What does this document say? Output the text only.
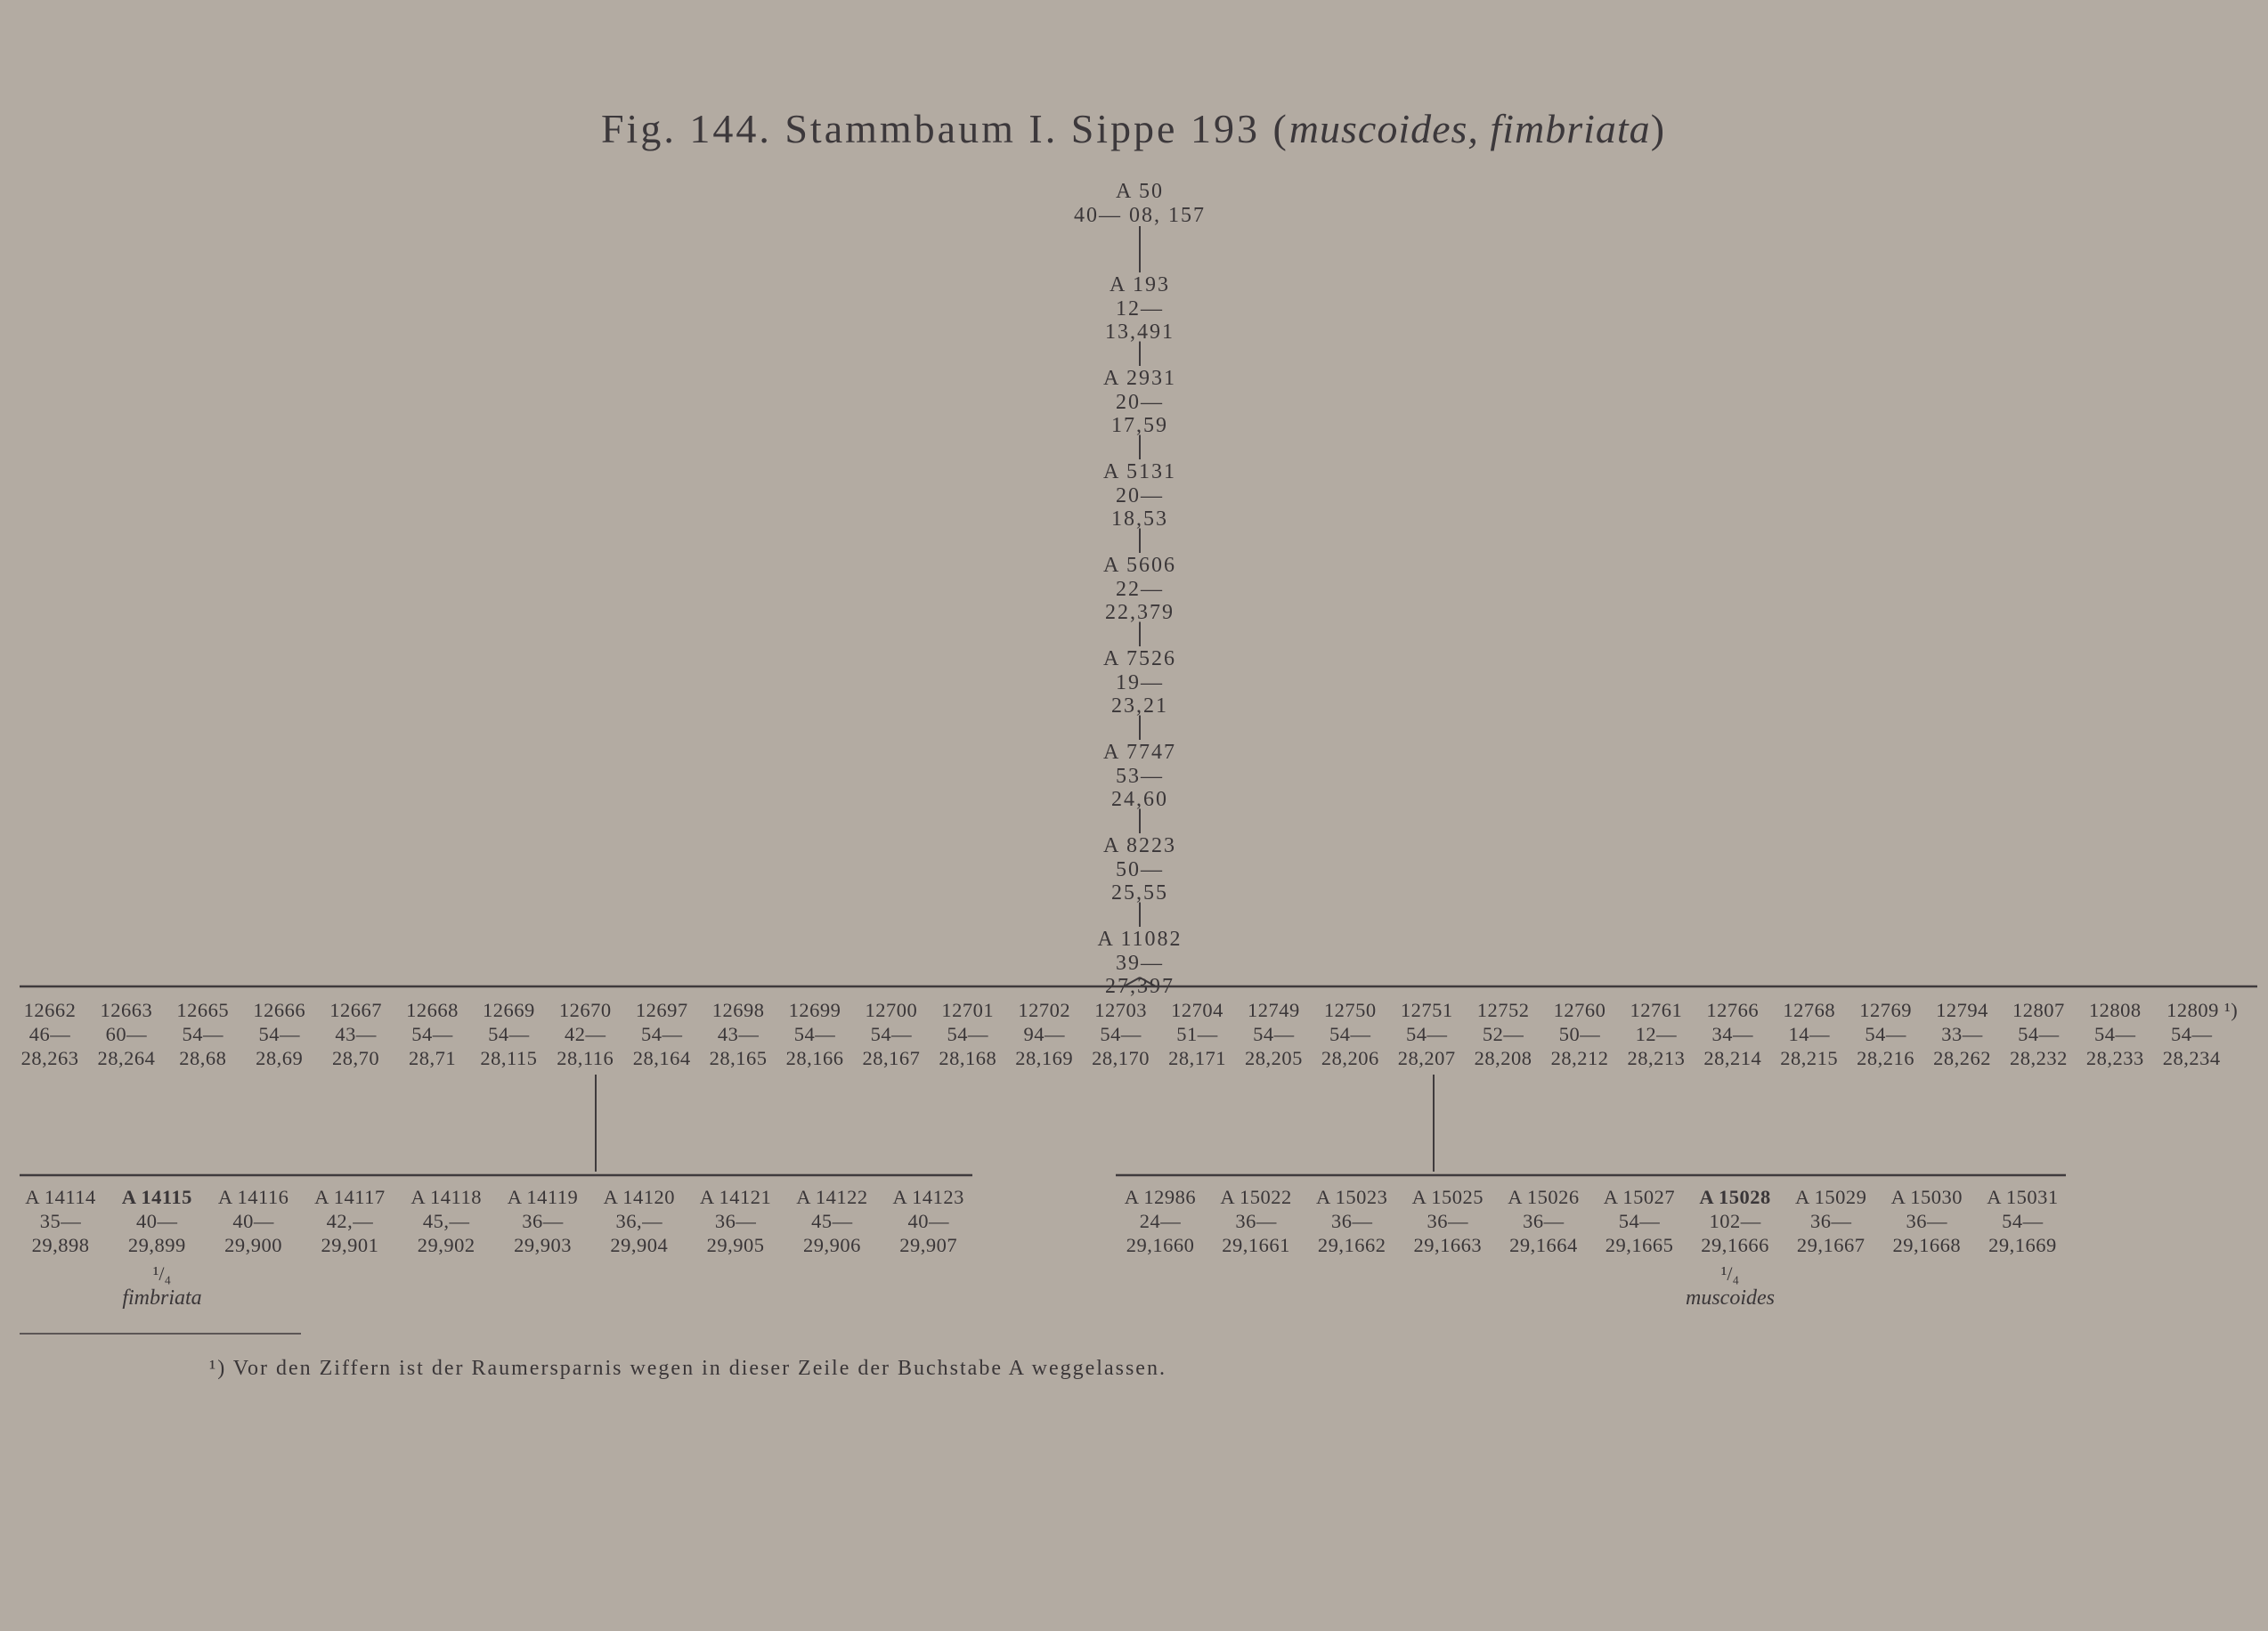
Fig. 144. Stammbaum I. Sippe 193 (muscoides, fimbriata)
A 50
40— 08, 157
A 193
12—
13,491
A 2931
20—
17,59
A 5131
20—
18,53
A 5606
22—
22,379
A 7526
19—
23,21
A 7747
53—
24,60
A 8223
50—
25,55
A 11082
39—
27,397
12662
46—
28,263
12663
60—
28,264
12665
54—
28,68
12666
54—
28,69
12667
43—
28,70
12668
54—
28,71
12669
54—
28,115
12670
42—
28,116
12697
54—
28,164
12698
43—
28,165
12699
54—
28,166
12700
54—
28,167
12701
54—
28,168
12702
94—
28,169
12703
54—
28,170
12704
51—
28,171
12749
54—
28,205
12750
54—
28,206
12751
54—
28,207
12752
52—
28,208
12760
50—
28,212
12761
12—
28,213
12766
34—
28,214
12768
14—
28,215
12769
54—
28,216
12794
33—
28,262
12807
54—
28,232
12808
54—
28,233
12809 ¹)
54—
28,234
A 14114
35—
29,898
A 14115
40—
29,899
A 14116
40—
29,900
A 14117
42,—
29,901
A 14118
45,—
29,902
A 14119
36—
29,903
A 14120
36,—
29,904
A 14121
36—
29,905
A 14122
45—
29,906
A 14123
40—
29,907
¹/₄
fimbriata
A 12986
24—
29,1660
A 15022
36—
29,1661
A 15023
36—
29,1662
A 15025
36—
29,1663
A 15026
36—
29,1664
A 15027
54—
29,1665
A 15028
102—
29,1666
A 15029
36—
29,1667
A 15030
36—
29,1668
A 15031
54—
29,1669
¹/₄
muscoides
¹) Vor den Ziffern ist der Raumersparnis wegen in dieser Zeile der Buchstabe A weggelassen.
